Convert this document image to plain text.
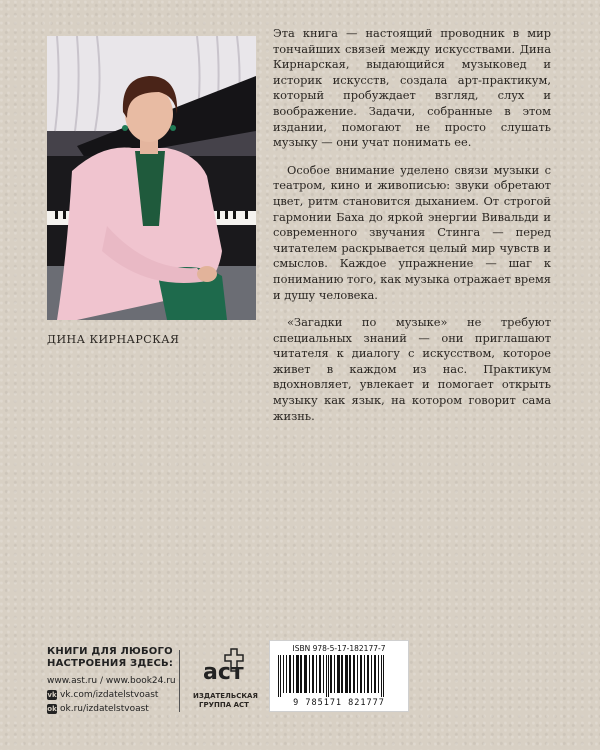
ДИНА КИРНАРСКАЯ

Эта книга — настоящий проводник в мир тончайших связей между искусствами. Дина Кирнарская, выдающийся музыковед и историк искусств, создала арт-практикум, который пробуждает взгляд, слух и воображение. Задачи, собранные в этом издании, помогают не просто слушать музыку — они учат понимать ее.

Особое внимание уделено связи музыки с театром, кино и живописью: звуки обретают цвет, ритм становится дыханием. От строгой гармонии Баха до яркой энергии Вивальди и современного звучания Стинга — перед читателем раскрывается целый мир чувств и смыслов. Каждое упражнение — шаг к пониманию того, как музыка отражает время и душу человека.

«Загадки по музыке» не требуют специальных знаний — они приглашают читателя к диалогу с искусством, которое живет в каждом из нас. Практикум вдохновляет, увлекает и помогает открыть музыку как язык, на котором говорит сама жизнь.

КНИГИ ДЛЯ ЛЮБОГО
НАСТРОЕНИЯ ЗДЕСЬ:
www.ast.ru / www.book24.ru
vk vk.com/izdatelstvoast
ok ok.ru/izdatelstvoast
аст
ИЗДАТЕЛЬСКАЯ
ГРУППА АСТ
ISBN 978-5-17-182177-7
9 785171 821777
